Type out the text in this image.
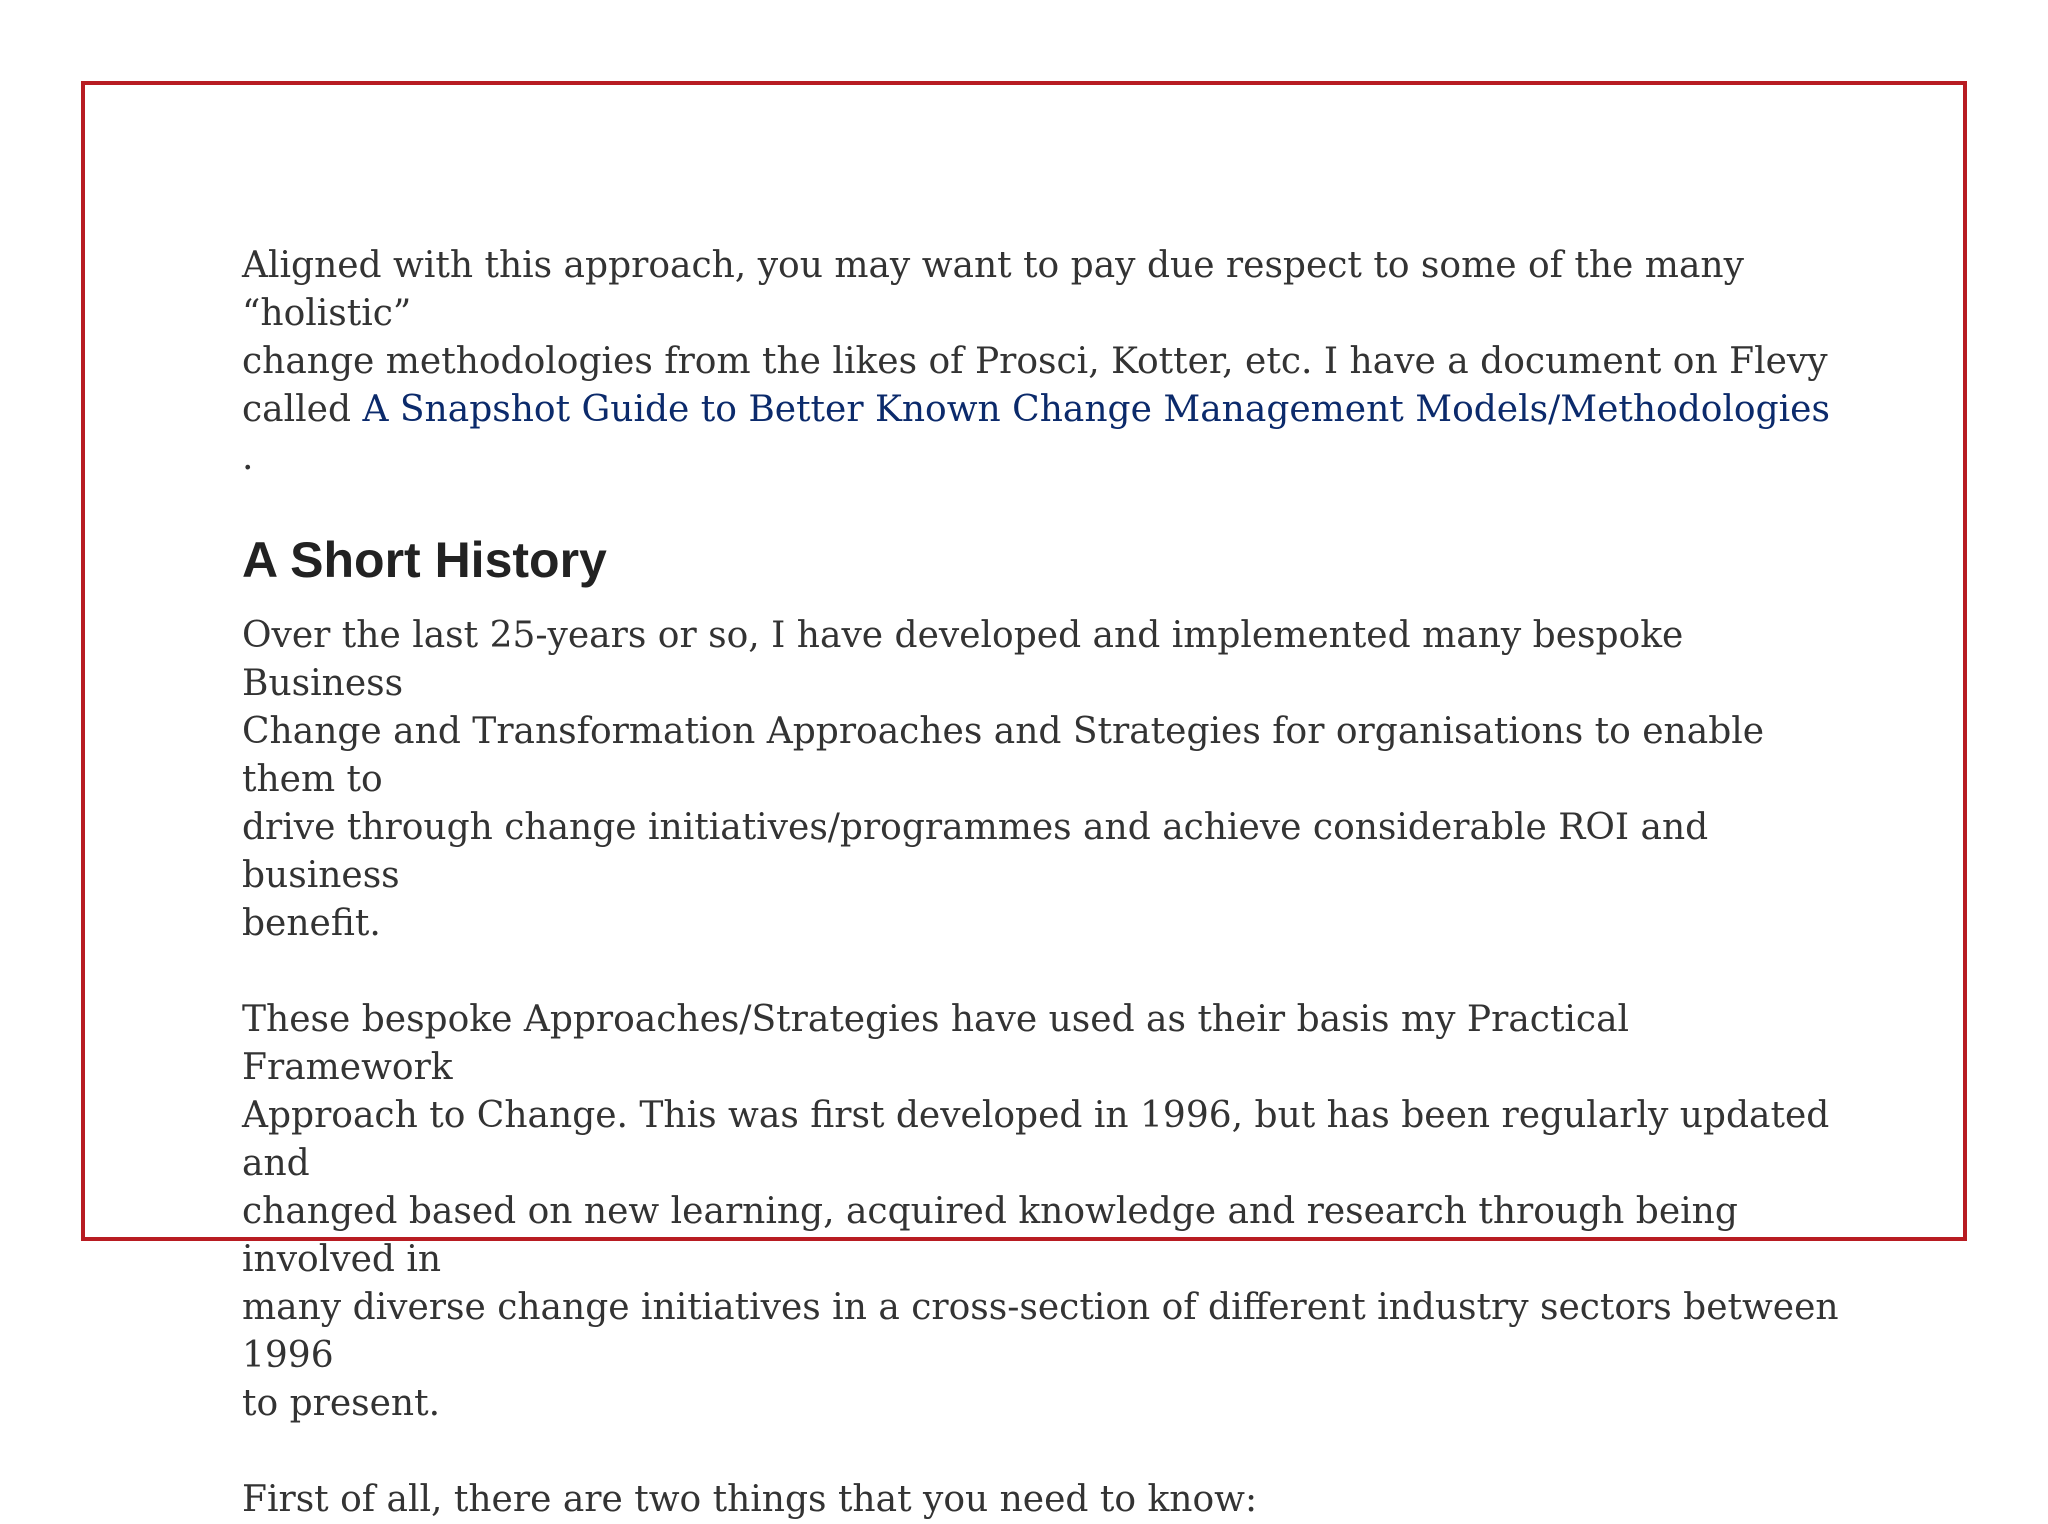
Aligned with this approach, you may want to pay due respect to some of the many “holistic”
change methodologies from the likes of Prosci, Kotter, etc. I have a document on Flevy
called A Snapshot Guide to Better Known Change Management Models/Methodologies .

A Short History

Over the last 25-years or so, I have developed and implemented many bespoke Business
Change and Transformation Approaches and Strategies for organisations to enable them to
drive through change initiatives/programmes and achieve considerable ROI and business
benefit.

These bespoke Approaches/Strategies have used as their basis my Practical Framework
Approach to Change. This was first developed in 1996, but has been regularly updated and
changed based on new learning, acquired knowledge and research through being involved in
many diverse change initiatives in a cross-section of different industry sectors between 1996
to present.

First of all, there are two things that you need to know:
